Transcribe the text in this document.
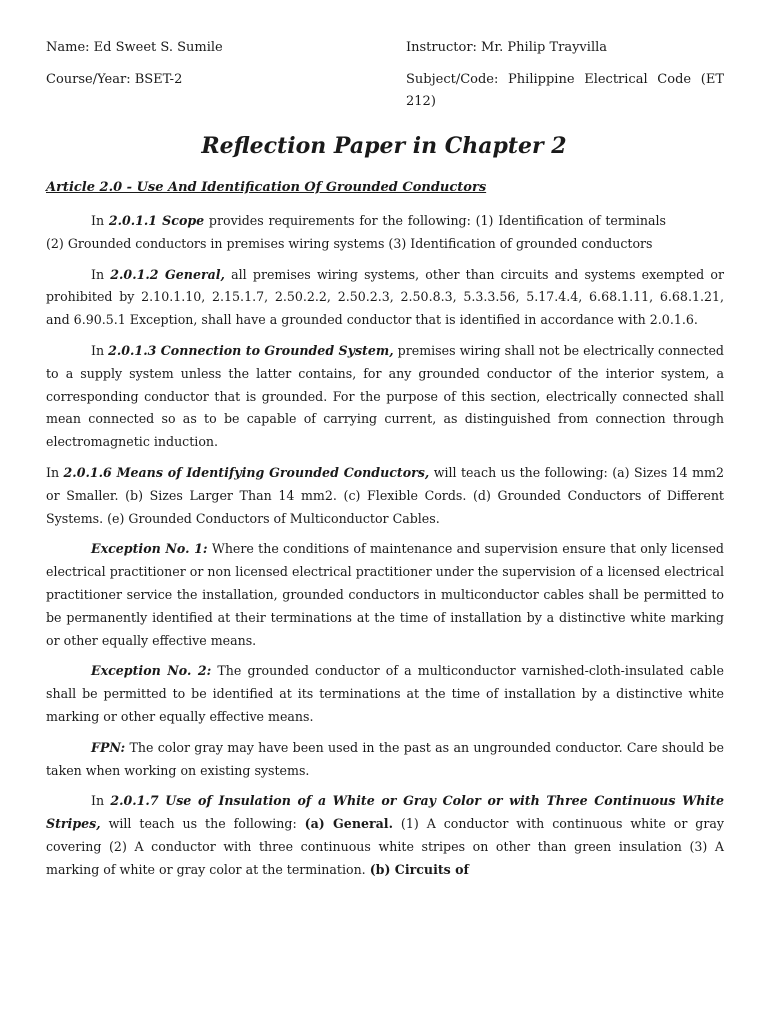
Name: Ed Sweet S. Sumile
Course/Year: BSET-2
Instructor: Mr. Philip Trayvilla
Subject/Code: Philippine Electrical Code (ET 212)
Reflection Paper in Chapter 2
Article 2.0 - Use And Identification Of Grounded Conductors

In 2.0.1.1 Scope provides requirements for the following: (1) Identification of terminals(2) Grounded conductors in premises wiring systems (3) Identification of grounded conductors

In 2.0.1.2 General, all premises wiring systems, other than circuits and systems exempted or prohibited by 2.10.1.10, 2.15.1.7, 2.50.2.2, 2.50.2.3, 2.50.8.3, 5.3.3.56, 5.17.4.4, 6.68.1.11, 6.68.1.21, and 6.90.5.1 Exception, shall have a grounded conductor that is identified in accordance with 2.0.1.6.

In 2.0.1.3 Connection to Grounded System, premises wiring shall not be electrically connected to a supply system unless the latter contains, for any grounded conductor of the interior system, a corresponding conductor that is grounded. For the purpose of this section, electrically connected shall mean connected so as to be capable of carrying current, as distinguished from connection through electromagnetic induction.

In 2.0.1.6 Means of Identifying Grounded Conductors, will teach us the following: (a) Sizes 14 mm2 or Smaller. (b) Sizes Larger Than 14 mm2. (c) Flexible Cords. (d) Grounded Conductors of Different Systems. (e) Grounded Conductors of Multiconductor Cables.

Exception No. 1: Where the conditions of maintenance and supervision ensure that only licensed electrical practitioner or non licensed electrical practitioner under the supervision of a licensed electrical practitioner service the installation, grounded conductors in multiconductor cables shall be permitted to be permanently identified at their terminations at the time of installation by a distinctive white marking or other equally effective means.

Exception No. 2: The grounded conductor of a multiconductor varnished-cloth-insulated cable shall be permitted to be identified at its terminations at the time of installation by a distinctive white marking or other equally effective means.

FPN: The color gray may have been used in the past as an ungrounded conductor. Care should be taken when working on existing systems.

In 2.0.1.7 Use of Insulation of a White or Gray Color or with Three Continuous White Stripes, will teach us the following: (a) General. (1) A conductor with continuous white or gray covering (2) A conductor with three continuous white stripes on other than green insulation (3) A marking of white or gray color at the termination. (b) Circuits of
